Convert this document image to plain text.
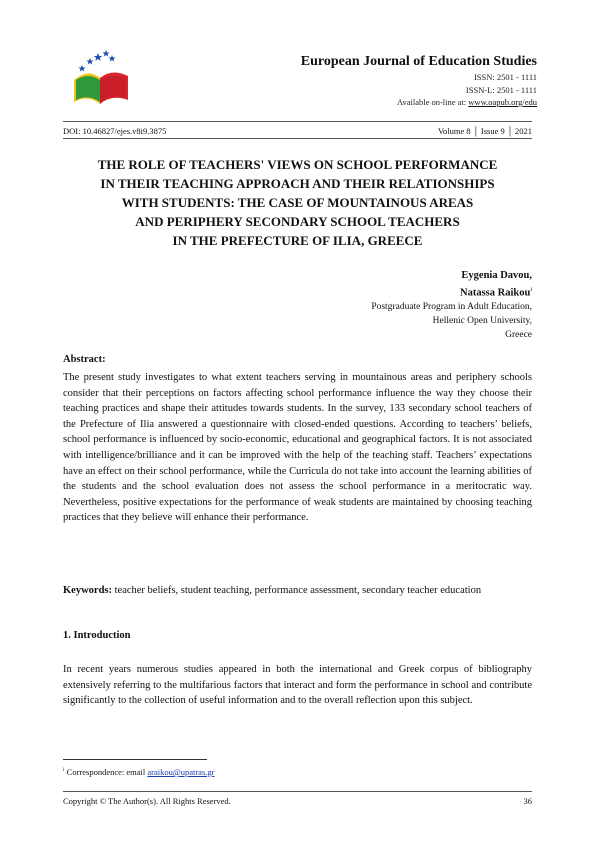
European Journal of Education Studies
ISSN: 2501 - 1111
ISSN-L: 2501 - 1111
Available on-line at: www.oapub.org/edu
DOI: 10.46827/ejes.v8i9.3875	Volume 8 │ Issue 9 │ 2021
THE ROLE OF TEACHERS' VIEWS ON SCHOOL PERFORMANCE
IN THEIR TEACHING APPROACH AND THEIR RELATIONSHIPS
WITH STUDENTS: THE CASE OF MOUNTAINOUS AREAS
AND PERIPHERY SECONDARY SCHOOL TEACHERS
IN THE PREFECTURE OF ILIA, GREECE
Eygenia Davou,
Natassa Raikou$^i$
Postgraduate Program in Adult Education,
Hellenic Open University,
Greece
Abstract:
The present study investigates to what extent teachers serving in mountainous areas and periphery schools consider that their perceptions on factors affecting school performance influence the way they choose their teaching practices and shape their attitudes towards students. In the survey, 133 secondary school teachers of the Prefecture of Ilia answered a questionnaire with closed-ended questions. According to teachers’ beliefs, school performance is influenced by socio-economic, educational and geographical factors. It is not associated with intelligence/brilliance and it can be improved with the help of the teaching staff. Teachers’ expectations have an effect on their school performance, while the Curricula do not take into account the learning abilities of the students and the school evaluation does not assess the school performance in a meritocratic way. Nevertheless, positive expectations for the performance of weak students are maintained by choosing teaching practices that they believe will enhance their performance.
Keywords: teacher beliefs, student teaching, performance assessment, secondary teacher education
1. Introduction
In recent years numerous studies appeared in both the international and Greek corpus of bibliography extensively referring to the multifarious factors that interact and form the performance in school and contribute significantly to the collection of useful information and to the overall reflection upon this subject.
$^i$ Correspondence: email araikou@upatras.gr
Copyright © The Author(s). All Rights Reserved.	36
